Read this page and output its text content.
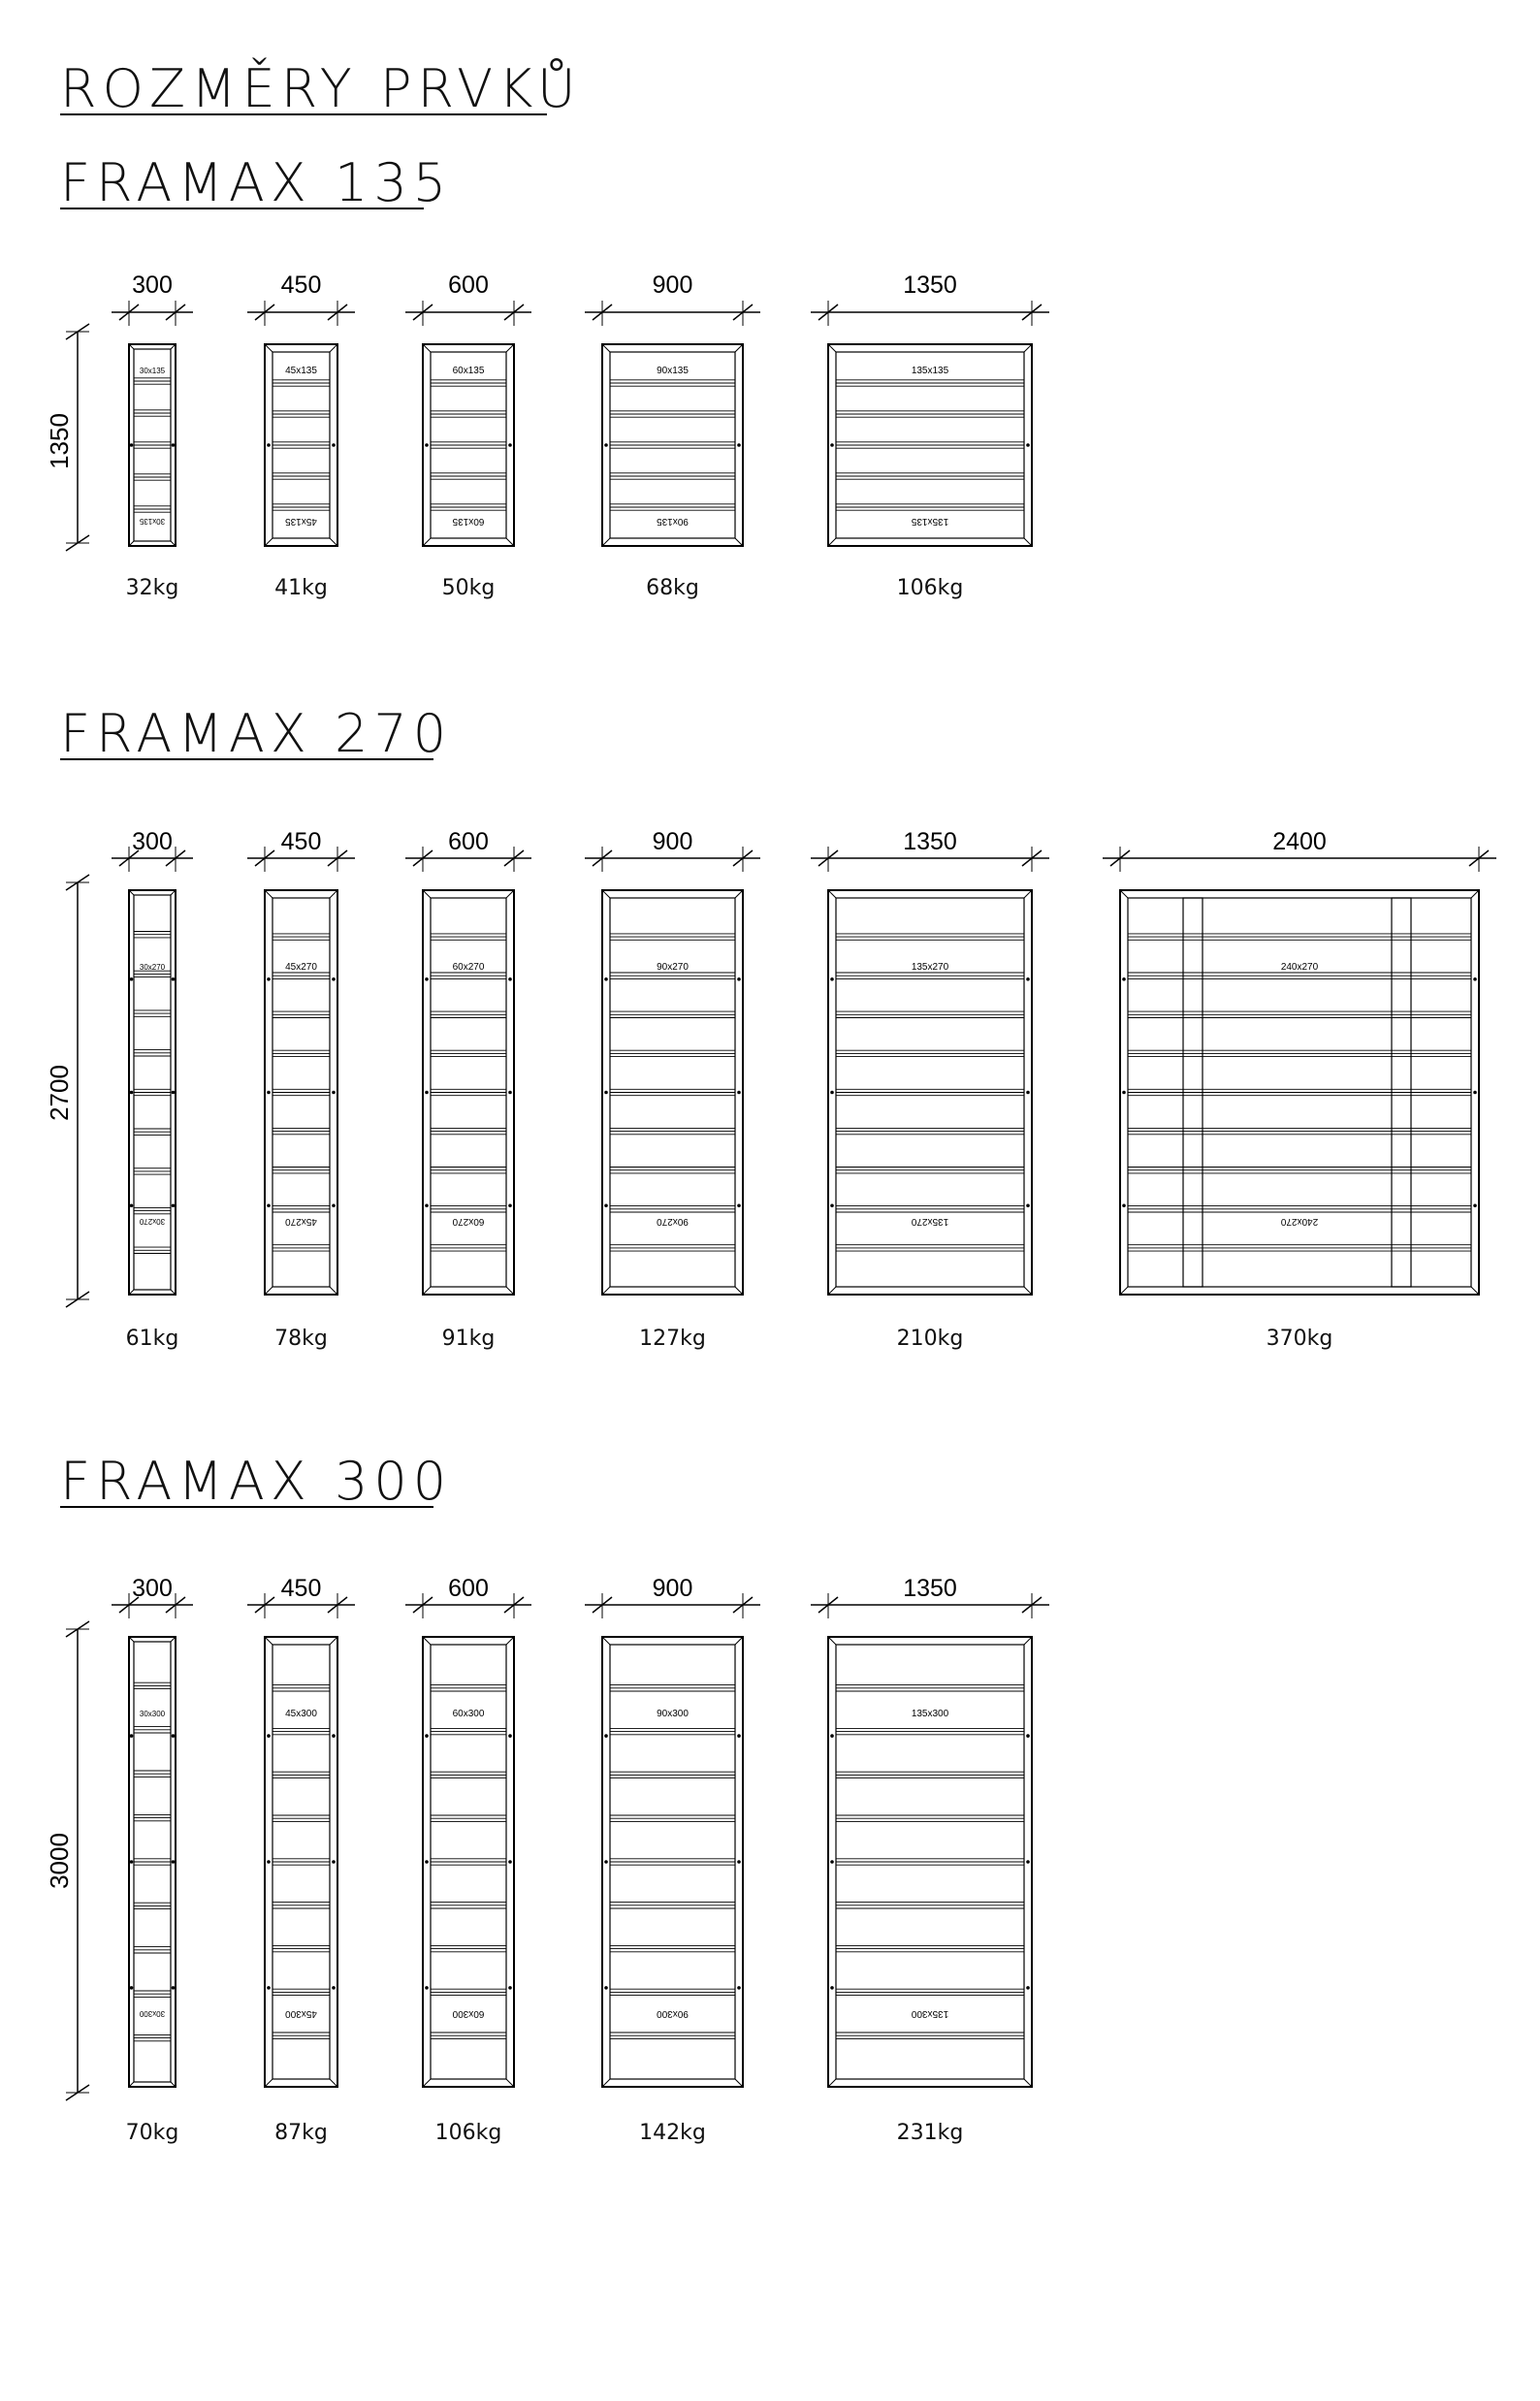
ROZMĚRY PRVKŮ
FRAMAX 135
FRAMAX 270
FRAMAX 300
1350
2700
3000
300
30x135
30x135
32kg
450
45x135
45x135
41kg
600
60x135
60x135
50kg
900
90x135
90x135
68kg
1350
135x135
135x135
106kg
300
30x270
30x270
61kg
450
45x270
45x270
78kg
600
60x270
60x270
91kg
900
90x270
90x270
127kg
1350
135x270
135x270
210kg
2400
240x270
240x270
370kg
300
30x300
30x300
70kg
450
45x300
45x300
87kg
600
60x300
60x300
106kg
900
90x300
90x300
142kg
1350
135x300
135x300
231kg
